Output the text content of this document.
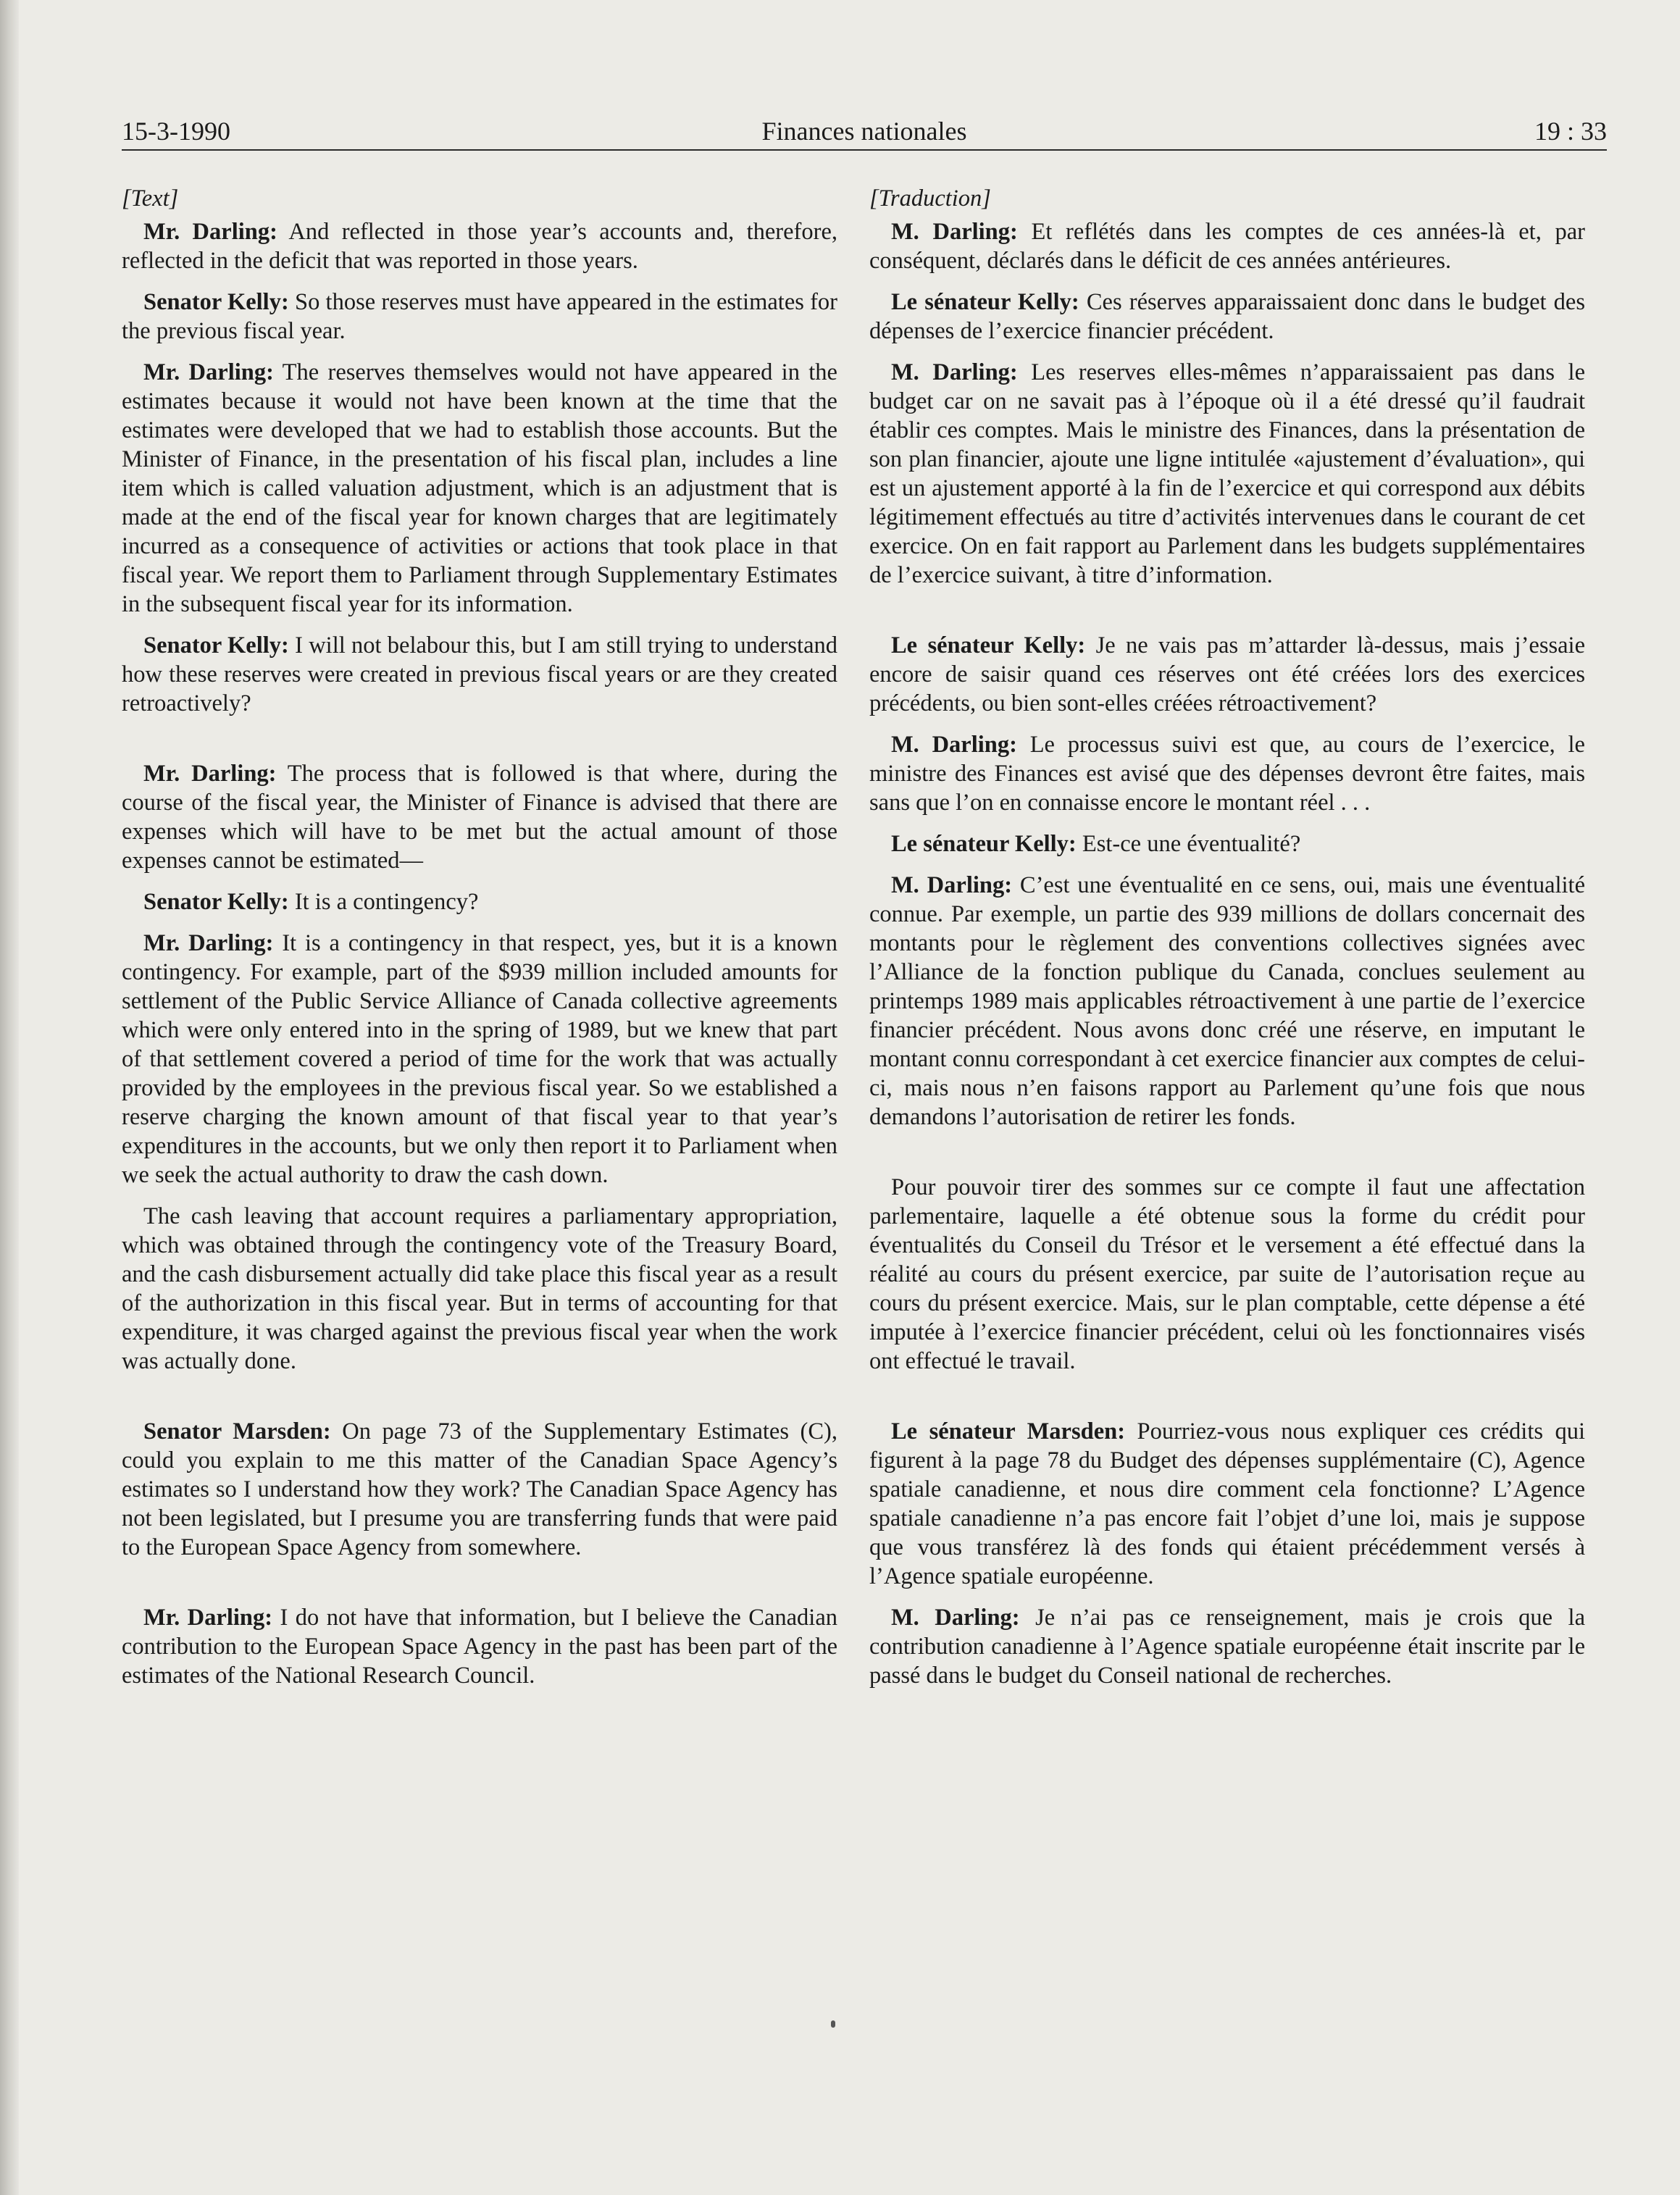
15-3-1990	Finances nationales	19 : 33
[Text]

Mr. Darling: And reflected in those year’s accounts and, therefore, reflected in the deficit that was reported in those years.

Senator Kelly: So those reserves must have appeared in the estimates for the previous fiscal year.

Mr. Darling: The reserves themselves would not have appeared in the estimates because it would not have been known at the time that the estimates were developed that we had to establish those accounts. But the Minister of Finance, in the presentation of his fiscal plan, includes a line item which is called valuation adjustment, which is an adjustment that is made at the end of the fiscal year for known charges that are legitimately incurred as a consequence of activities or actions that took place in that fiscal year. We report them to Parliament through Supplementary Estimates in the subsequent fiscal year for its information.

Senator Kelly: I will not belabour this, but I am still trying to understand how these reserves were created in previous fiscal years or are they created retroactively?

Mr. Darling: The process that is followed is that where, during the course of the fiscal year, the Minister of Finance is advised that there are expenses which will have to be met but the actual amount of those expenses cannot be estimated—

Senator Kelly: It is a contingency?

Mr. Darling: It is a contingency in that respect, yes, but it is a known contingency. For example, part of the $939 million included amounts for settlement of the Public Service Alliance of Canada collective agreements which were only entered into in the spring of 1989, but we knew that part of that settlement covered a period of time for the work that was actually provided by the employees in the previous fiscal year. So we established a reserve charging the known amount of that fiscal year to that year’s expenditures in the accounts, but we only then report it to Parliament when we seek the actual authority to draw the cash down.

The cash leaving that account requires a parliamentary appropriation, which was obtained through the contingency vote of the Treasury Board, and the cash disbursement actually did take place this fiscal year as a result of the authorization in this fiscal year. But in terms of accounting for that expenditure, it was charged against the previous fiscal year when the work was actually done.

Senator Marsden: On page 73 of the Supplementary Estimates (C), could you explain to me this matter of the Canadian Space Agency’s estimates so I understand how they work? The Canadian Space Agency has not been legislated, but I presume you are transferring funds that were paid to the European Space Agency from somewhere.

Mr. Darling: I do not have that information, but I believe the Canadian contribution to the European Space Agency in the past has been part of the estimates of the National Research Council.

[Traduction]

M. Darling: Et reflétés dans les comptes de ces années-là et, par conséquent, déclarés dans le déficit de ces années antérieures.

Le sénateur Kelly: Ces réserves apparaissaient donc dans le budget des dépenses de l’exercice financier précédent.

M. Darling: Les reserves elles-mêmes n’apparaissaient pas dans le budget car on ne savait pas à l’époque où il a été dressé qu’il faudrait établir ces comptes. Mais le ministre des Finances, dans la présentation de son plan financier, ajoute une ligne intitulée «ajustement d’évaluation», qui est un ajustement apporté à la fin de l’exercice et qui correspond aux débits légitimement effectués au titre d’activités intervenues dans le courant de cet exercice. On en fait rapport au Parlement dans les budgets supplémentaires de l’exercice suivant, à titre d’information.

Le sénateur Kelly: Je ne vais pas m’attarder là-dessus, mais j’essaie encore de saisir quand ces réserves ont été créées lors des exercices précédents, ou bien sont-elles créées rétroactivement?

M. Darling: Le processus suivi est que, au cours de l’exercice, le ministre des Finances est avisé que des dépenses devront être faites, mais sans que l’on en connaisse encore le montant réel . . .

Le sénateur Kelly: Est-ce une éventualité?

M. Darling: C’est une éventualité en ce sens, oui, mais une éventualité connue. Par exemple, un partie des 939 millions de dollars concernait des montants pour le règlement des conventions collectives signées avec l’Alliance de la fonction publique du Canada, conclues seulement au printemps 1989 mais applicables rétroactivement à une partie de l’exercice financier précédent. Nous avons donc créé une réserve, en imputant le montant connu correspondant à cet exercice financier aux comptes de celui-ci, mais nous n’en faisons rapport au Parlement qu’une fois que nous demandons l’autorisation de retirer les fonds.

Pour pouvoir tirer des sommes sur ce compte il faut une affectation parlementaire, laquelle a été obtenue sous la forme du crédit pour éventualités du Conseil du Trésor et le versement a été effectué dans la réalité au cours du présent exercice, par suite de l’autorisation reçue au cours du présent exercice. Mais, sur le plan comptable, cette dépense a été imputée à l’exercice financier précédent, celui où les fonctionnaires visés ont effectué le travail.

Le sénateur Marsden: Pourriez-vous nous expliquer ces crédits qui figurent à la page 78 du Budget des dépenses supplémentaire (C), Agence spatiale canadienne, et nous dire comment cela fonctionne? L’Agence spatiale canadienne n’a pas encore fait l’objet d’une loi, mais je suppose que vous transférez là des fonds qui étaient précédemment versés à l’Agence spatiale européenne.

M. Darling: Je n’ai pas ce renseignement, mais je crois que la contribution canadienne à l’Agence spatiale européenne était inscrite par le passé dans le budget du Conseil national de recherches.
